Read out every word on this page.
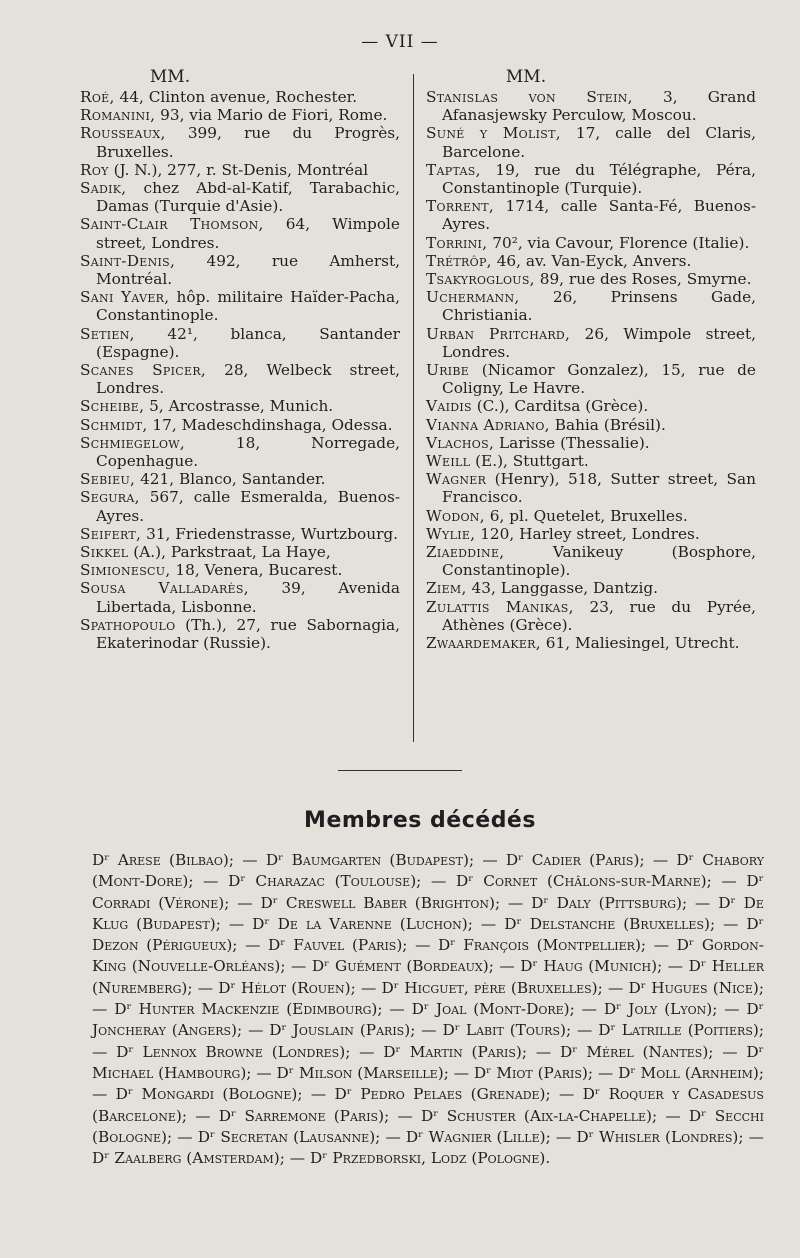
— VII —
MM.
Roé, 44, Clinton avenue, Rochester.
Romanini, 93, via Mario de Fiori, Rome.
Rousseaux, 399, rue du Progrès, Bruxelles.
Roy (J. N.), 277, r. St-Denis, Montréal
Sadik, chez Abd-al-Katif, Tarabachic, Damas (Turquie d'Asie).
Saint-Clair Thomson, 64, Wimpole street, Londres.
Saint-Denis, 492, rue Amherst, Montréal.
Sani Yaver, hôp. militaire Haïder-Pacha, Constantinople.
Setien, 42¹, blanca, Santander (Espagne).
Scanes Spicer, 28, Welbeck street, Londres.
Scheibe, 5, Arcostrasse, Munich.
Schmidt, 17, Madeschdinshaga, Odessa.
Schmiegelow, 18, Norregade, Copenhague.
Sebieu, 421, Blanco, Santander.
Segura, 567, calle Esmeralda, Buenos-Ayres.
Seifert, 31, Friedenstrasse, Wurtzbourg.
Sikkel (A.), Parkstraat, La Haye,
Simionescu, 18, Venera, Bucarest.
Sousa Valladarès, 39, Avenida Libertada, Lisbonne.
Spathopoulo (Th.), 27, rue Sabornagia, Ekaterinodar (Russie).
MM.
Stanislas von Stein, 3, Grand Afanasjewsky Perculow, Moscou.
Suné y Molist, 17, calle del Claris, Barcelone.
Taptas, 19, rue du Télégraphe, Péra, Constantinople (Turquie).
Torrent, 1714, calle Santa-Fé, Buenos-Ayres.
Torrini, 70², via Cavour, Florence (Italie).
Trétrôp, 46, av. Van-Eyck, Anvers.
Tsakyroglous, 89, rue des Roses, Smyrne.
Uchermann, 26, Prinsens Gade, Christiania.
Urban Pritchard, 26, Wimpole street, Londres.
Uribe (Nicamor Gonzalez), 15, rue de Coligny, Le Havre.
Vaidis (C.), Carditsa (Grèce).
Vianna Adriano, Bahia (Brésil).
Vlachos, Larisse (Thessalie).
Weill (E.), Stuttgart.
Wagner (Henry), 518, Sutter street, San Francisco.
Wodon, 6, pl. Quetelet, Bruxelles.
Wylie, 120, Harley street, Londres.
Ziaeddine, Vanikeuy (Bosphore, Constantinople).
Ziem, 43, Langgasse, Dantzig.
Zulattis Manikas, 23, rue du Pyrée, Athènes (Grèce).
Zwaardemaker, 61, Maliesingel, Utrecht.
Membres décédés
Dʳ Arese (Bilbao); — Dʳ Baumgarten (Budapest); — Dʳ Cadier (Paris); — Dʳ Chabory (Mont-Dore); — Dʳ Charazac (Toulouse); — Dʳ Cornet (Châlons-sur-Marne); — Dʳ Corradi (Vérone); — Dʳ Creswell Baber (Brighton); — Dʳ Daly (Pittsburg); — Dʳ De Klug (Budapest); — Dʳ De la Varenne (Luchon); — Dʳ Delstanche (Bruxelles); — Dʳ Dezon (Périgueux); — Dʳ Fauvel (Paris); — Dʳ François (Montpellier); — Dʳ Gordon-King (Nouvelle-Orléans); — Dʳ Guément (Bordeaux); — Dʳ Haug (Munich); — Dʳ Heller (Nuremberg); — Dʳ Hélot (Rouen); — Dʳ Hicguet, père (Bruxelles); — Dʳ Hugues (Nice); — Dʳ Hunter Mackenzie (Edimbourg); — Dʳ Joal (Mont-Dore); — Dʳ Joly (Lyon); — Dʳ Joncheray (Angers); — Dʳ Jouslain (Paris); — Dʳ Labit (Tours); — Dʳ Latrille (Poitiers); — Dʳ Lennox Browne (Londres); — Dʳ Martin (Paris); — Dʳ Mérel (Nantes); — Dʳ Michael (Hambourg); — Dʳ Milson (Marseille); — Dʳ Miot (Paris); — Dʳ Moll (Arnheim); — Dʳ Mongardi (Bologne); — Dʳ Pedro Pelaes (Grenade); — Dʳ Roquer y Casadesus (Barcelone); — Dʳ Sarremone (Paris); — Dʳ Schuster (Aix-la-Chapelle); — Dʳ Secchi (Bologne); — Dʳ Secretan (Lausanne); — Dʳ Wagnier (Lille); — Dʳ Whisler (Londres); — Dʳ Zaalberg (Amsterdam); — Dʳ Przedborski, Lodz (Pologne).
